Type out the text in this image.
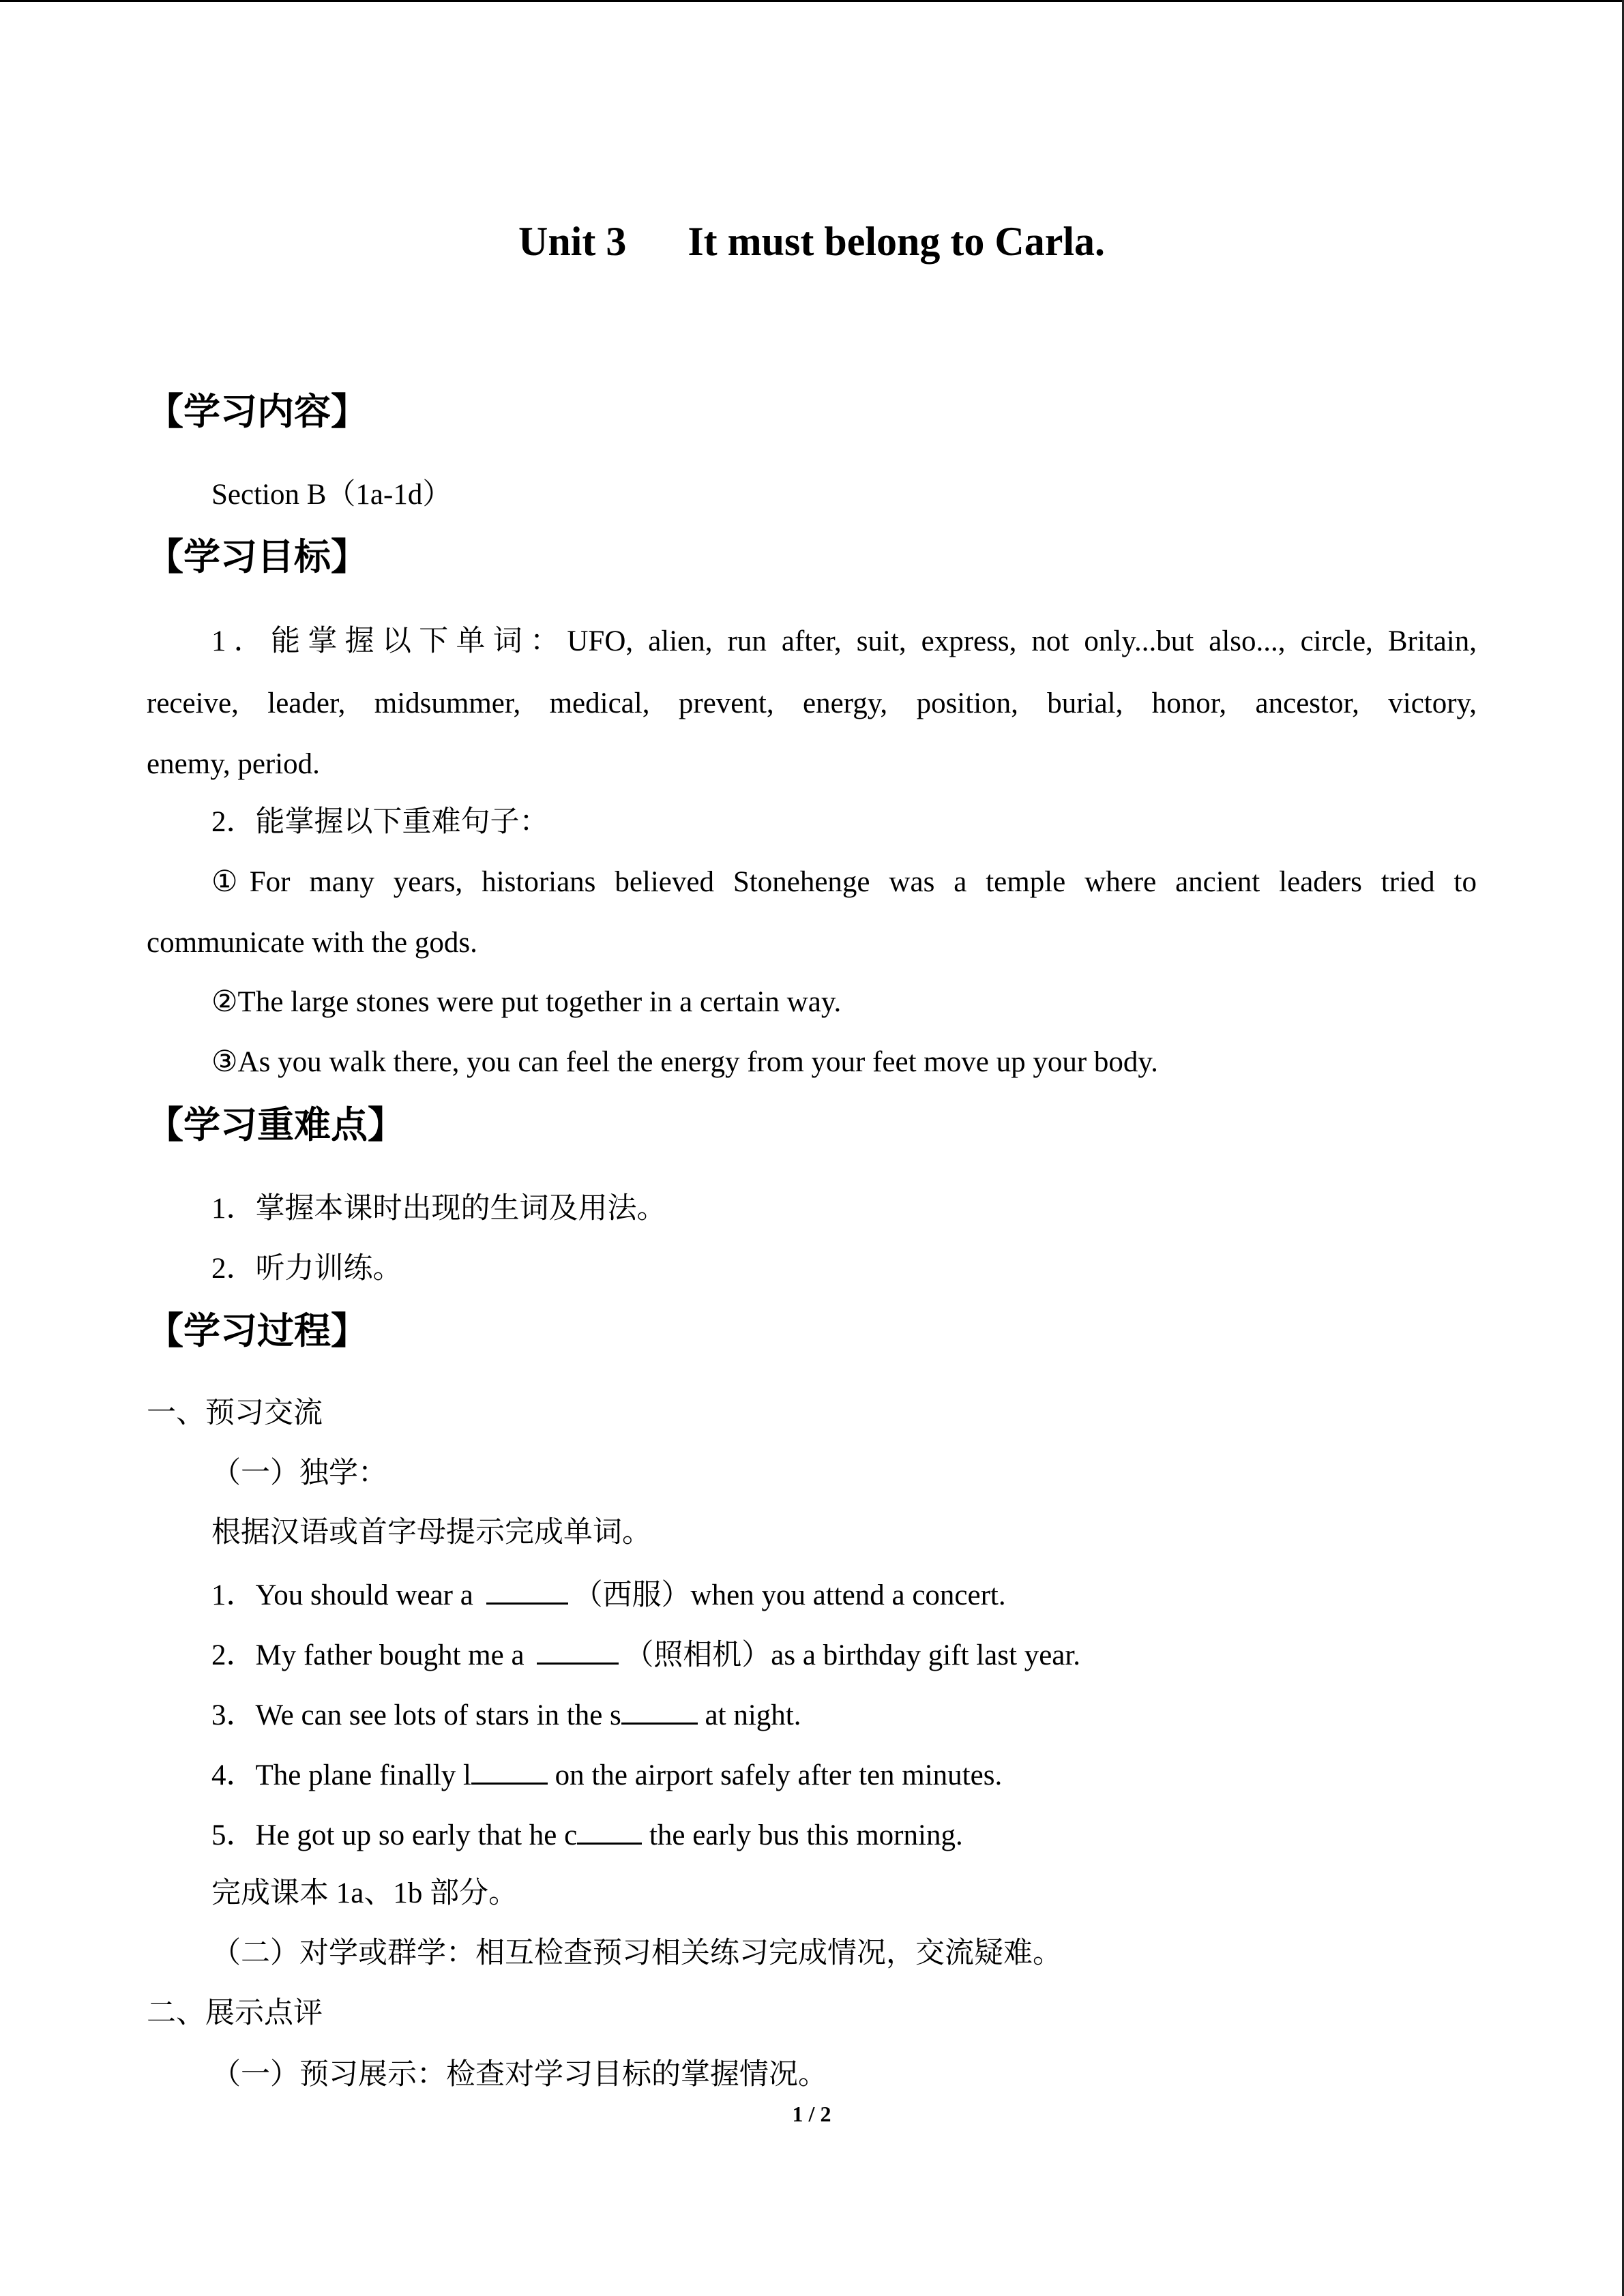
Unit 3      It must belong to Carla.
【学习内容】
Section B（1a-1d）
【学习目标】
1．能掌握以下单词：UFO, alien, run after, suit, express, not only...but also..., circle, Britain,
receive, leader, midsummer, medical, prevent, energy, position, burial, honor, ancestor, victory,
enemy, period.
2．能掌握以下重难句子：
①For many years, historians believed Stonehenge was a temple where ancient leaders tried to
communicate with the gods.
②The large stones were put together in a certain way.
③As you walk there, you can feel the energy from your feet move up your body.
【学习重难点】
1．掌握本课时出现的生词及用法。
2．听力训练。
【学习过程】
一、预习交流
（一）独学：
根据汉语或首字母提示完成单词。
1．You should wear a	（西服）when you attend a concert.
2．My father bought me a	（照相机）as a birthday gift last year.
3．We can see lots of stars in the s	at night.
4．The plane finally l	on the airport safely after ten minutes.
5．He got up so early that he c the early bus this morning.
完成课本 1a、1b 部分。
（二）对学或群学：相互检查预习相关练习完成情况，交流疑难。
二、展示点评
（一）预习展示：检查对学习目标的掌握情况。
1 / 2
